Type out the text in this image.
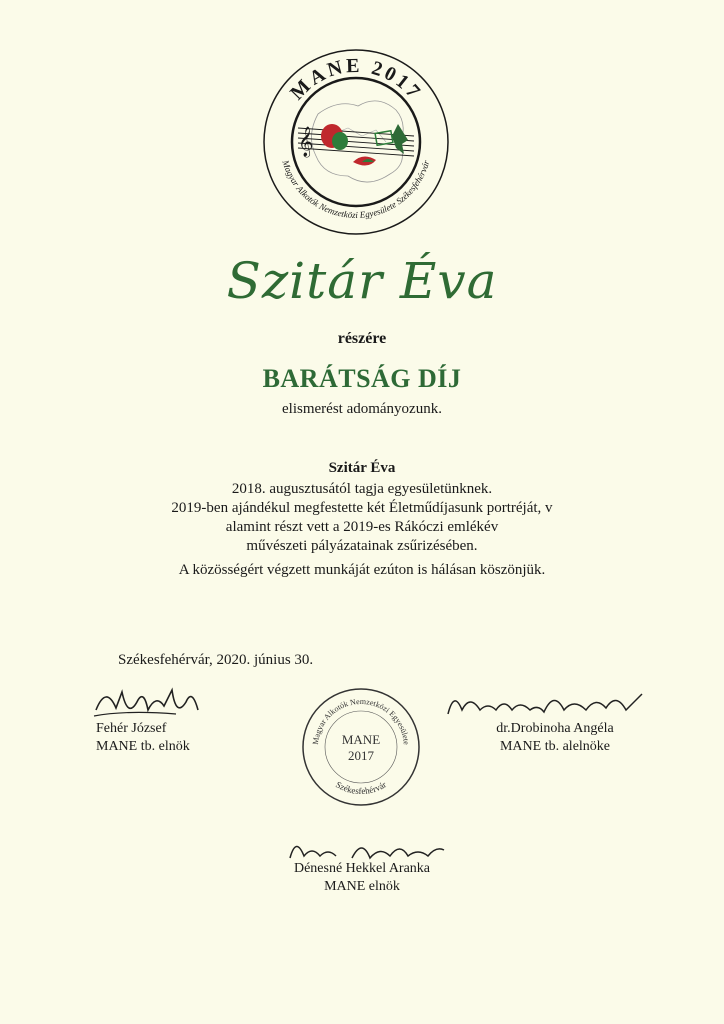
MANE 2017
Magyar Alkotók Nemzetközi Egyesülete Székesfehérvár
𝄞
Szitár Éva
részére
BARÁTSÁG DÍJ
elismerést adományozunk.
Szitár Éva
2018. augusztusától tagja egyesületünknek.
2019-ben ajándékul megfestette két Életműdíjasunk portréját, v
alamint részt vett a 2019-es Rákóczi emlékév
művészeti pályázatainak zsűrizésében.
A közösségért végzett munkáját ezúton is hálásan köszönjük.
Székesfehérvár, 2020. június 30.
Fehér József
MANE tb. elnök	Magyar Alkotók Nemzetközi Egyesülete
Székesfehérvár
MANE
2017
dr.Drobinoha Angéla
MANE tb. alelnöke
Dénesné Hekkel Aranka
MANE elnök
